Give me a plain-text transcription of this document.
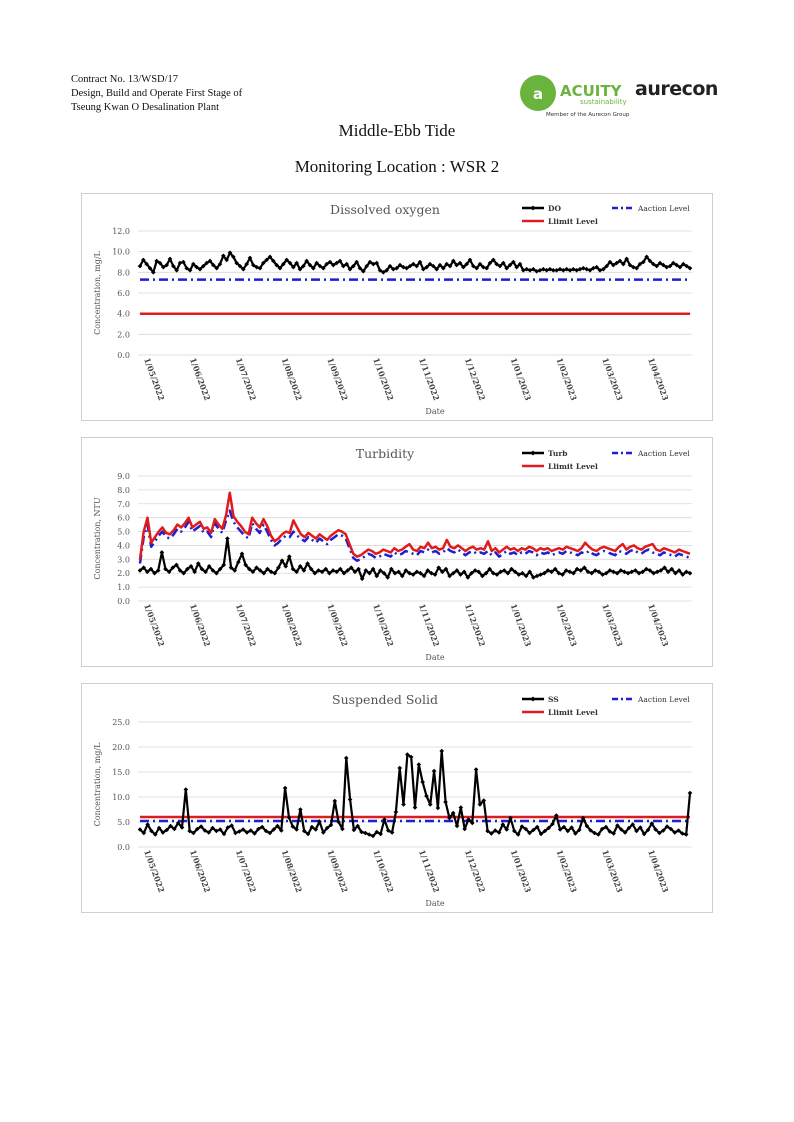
Contract No. 13/WSD/17
Design, Build and Operate First Stage of
Tseung Kwan O Desalination Plant
a ACUITY
sustainability
Member of the Aurecon Group
aurecon
Middle-Ebb Tide
Monitoring Location : WSR 2
Dissolved oxygen
0.0
2.0
4.0
6.0
8.0
10.0
12.0
Concentration, mg/L
1/05/2022	1/06/2022	1/07/2022	1/08/2022	1/09/2022	1/10/2022	1/11/2022	1/12/2022	1/01/2023	1/02/2023	1/03/2023	1/04/2023
Date
DO	Aaction Level
Llimit Level
Turbidity
0.0
1.0
2.0
3.0
4.0
5.0
6.0
7.0
8.0
9.0
Concentration, NTU
1/05/2022	1/06/2022	1/07/2022	1/08/2022	1/09/2022	1/10/2022	1/11/2022	1/12/2022	1/01/2023	1/02/2023	1/03/2023	1/04/2023
Date
Turb	Aaction Level
Llimit Level
Suspended Solid
0.0
5.0
10.0
15.0
20.0
25.0
Concentration, mg/L
1/05/2022	1/06/2022	1/07/2022	1/08/2022	1/09/2022	1/10/2022	1/11/2022	1/12/2022	1/01/2023	1/02/2023	1/03/2023	1/04/2023
Date
SS	Aaction Level
Llimit Level
